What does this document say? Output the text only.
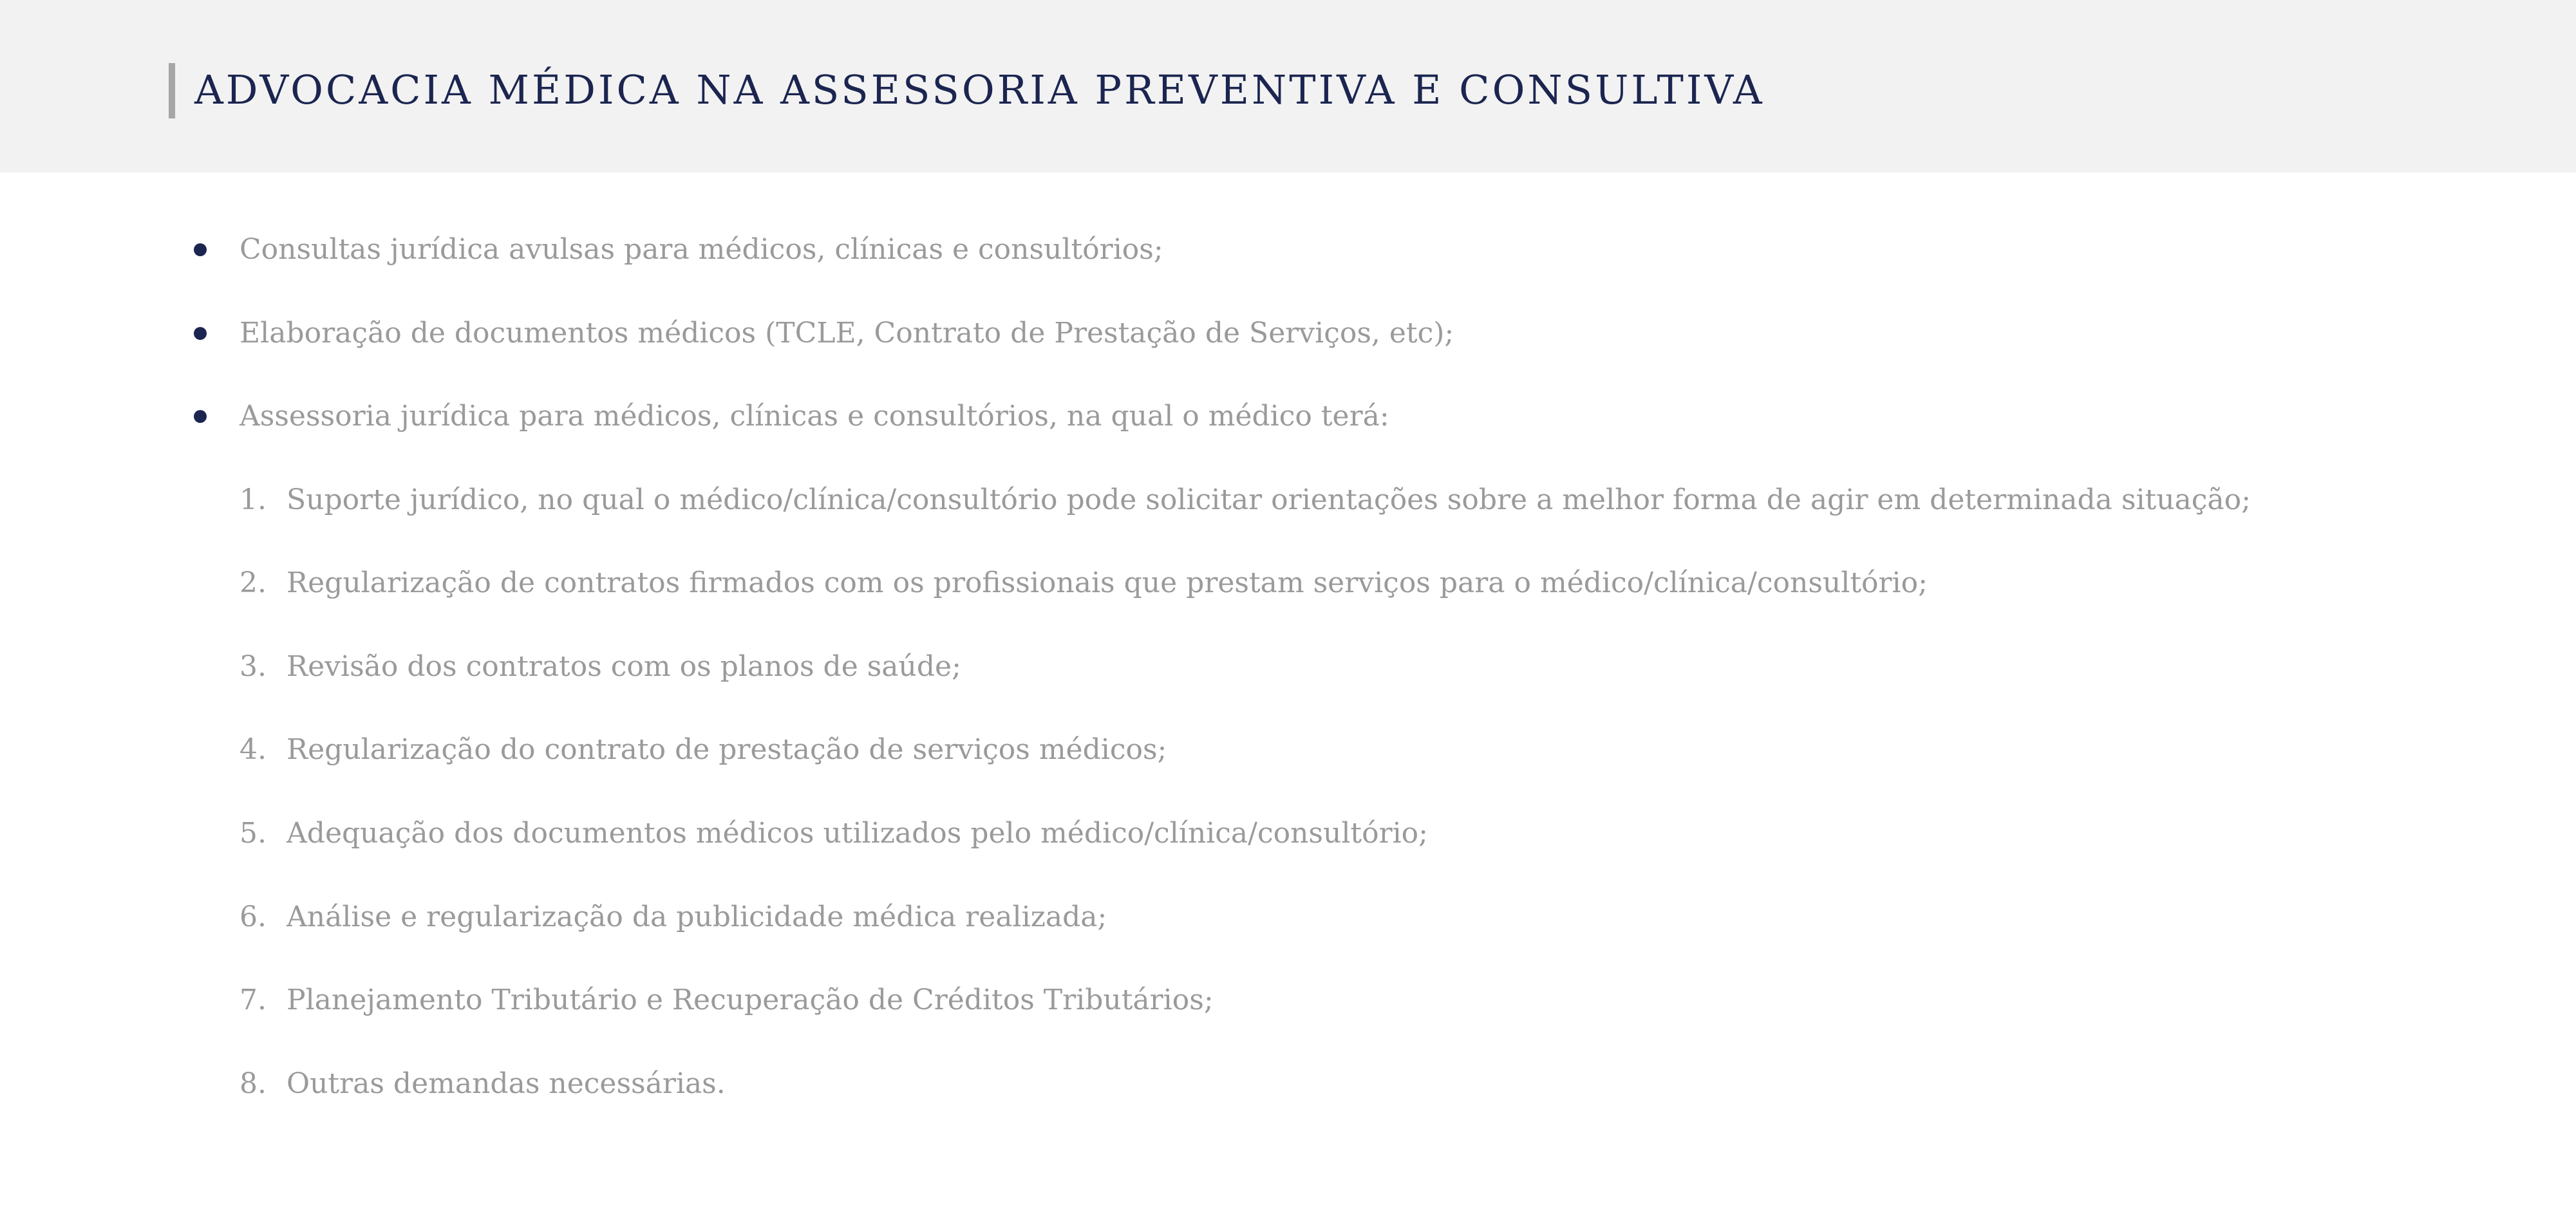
ADVOCACIA MÉDICA NA ASSESSORIA PREVENTIVA E CONSULTIVA
Consultas jurídica avulsas para médicos, clínicas e consultórios;
Elaboração de documentos médicos (TCLE, Contrato de Prestação de Serviços, etc);
Assessoria jurídica para médicos, clínicas e consultórios, na qual o médico terá:
1. Suporte jurídico, no qual o médico/clínica/consultório pode solicitar orientações sobre a melhor forma de agir em determinada situação;
2. Regularização de contratos firmados com os profissionais que prestam serviços para o médico/clínica/consultório;
3. Revisão dos contratos com os planos de saúde;
4. Regularização do contrato de prestação de serviços médicos;
5. Adequação dos documentos médicos utilizados pelo médico/clínica/consultório;
6. Análise e regularização da publicidade médica realizada;
7. Planejamento Tributário e Recuperação de Créditos Tributários;
8. Outras demandas necessárias.
